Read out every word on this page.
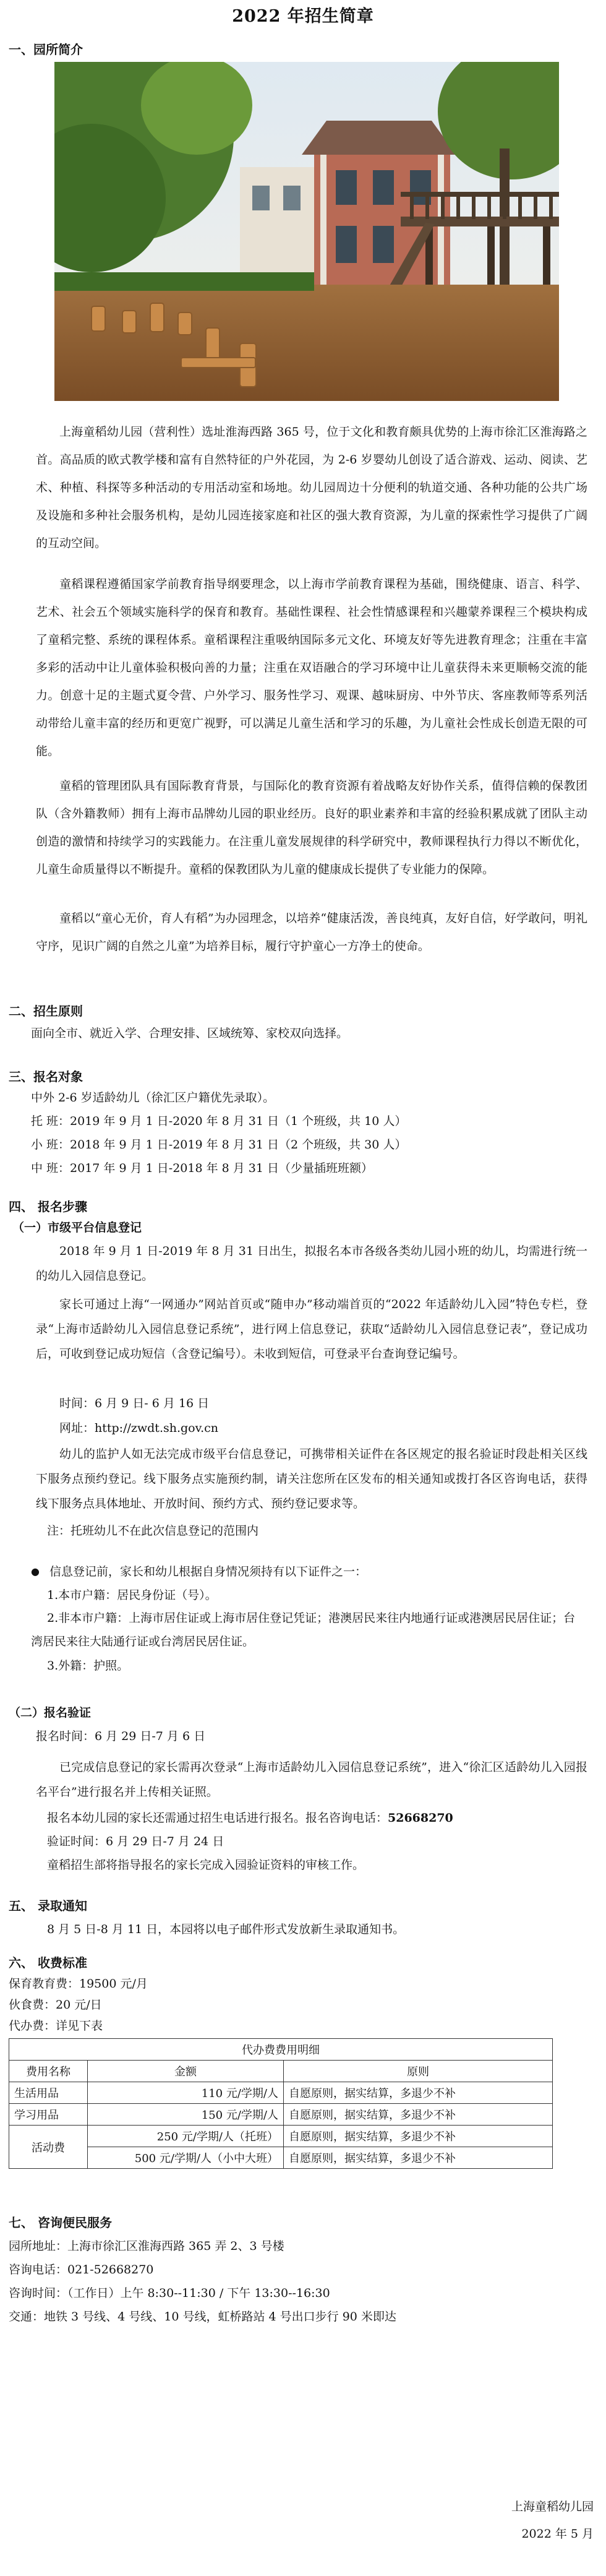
2022 年招生简章
一、园所简介
上海童稻幼儿园（营利性）选址淮海西路 365 号，位于文化和教育颇具优势的上海市徐汇区淮海路之首。高品质的欧式教学楼和富有自然特征的户外花园，为 2-6 岁婴幼儿创设了适合游戏、运动、阅读、艺术、种植、科探等多种活动的专用活动室和场地。幼儿园周边十分便利的轨道交通、各种功能的公共广场及设施和多种社会服务机构，是幼儿园连接家庭和社区的强大教育资源，为儿童的探索性学习提供了广阔的互动空间。
童稻课程遵循国家学前教育指导纲要理念，以上海市学前教育课程为基础，围绕健康、语言、科学、艺术、社会五个领域实施科学的保育和教育。基础性课程、社会性情感课程和兴趣蒙养课程三个模块构成了童稻完整、系统的课程体系。童稻课程注重吸纳国际多元文化、环境友好等先进教育理念；注重在丰富多彩的活动中让儿童体验积极向善的力量；注重在双语融合的学习环境中让儿童获得未来更顺畅交流的能力。创意十足的主题式夏令营、户外学习、服务性学习、观课、越味厨房、中外节庆、客座教师等系列活动带给儿童丰富的经历和更宽广视野，可以满足儿童生活和学习的乐趣，为儿童社会性成长创造无限的可能。
童稻的管理团队具有国际教育背景，与国际化的教育资源有着战略友好协作关系，值得信赖的保教团队（含外籍教师）拥有上海市品牌幼儿园的职业经历。良好的职业素养和丰富的经验积累成就了团队主动创造的激情和持续学习的实践能力。在注重儿童发展规律的科学研究中，教师课程执行力得以不断优化，儿童生命质量得以不断提升。童稻的保教团队为儿童的健康成长提供了专业能力的保障。
童稻以“童心无价，育人有稻”为办园理念，以培养“健康活泼，善良纯真，友好自信，好学敢问，明礼守序，见识广阔的自然之儿童”为培养目标，履行守护童心一方净土的使命。
二、招生原则
面向全市、就近入学、合理安排、区域统筹、家校双向选择。
三、报名对象
中外 2-6 岁适龄幼儿（徐汇区户籍优先录取）。
托 班：2019 年 9 月 1 日-2020 年 8 月 31 日（1 个班级，共 10 人）
小 班：2018 年 9 月 1 日-2019 年 8 月 31 日（2 个班级，共 30 人）
中 班：2017 年 9 月 1 日-2018 年 8 月 31 日（少量插班班额）
四、 报名步骤
（一）市级平台信息登记
2018 年 9 月 1 日-2019 年 8 月 31 日出生，拟报名本市各级各类幼儿园小班的幼儿，均需进行统一的幼儿入园信息登记。
家长可通过上海“一网通办”网站首页或“随申办”移动端首页的“2022 年适龄幼儿入园”特色专栏，登录“上海市适龄幼儿入园信息登记系统”，进行网上信息登记，获取“适龄幼儿入园信息登记表”，登记成功后，可收到登记成功短信（含登记编号）。未收到短信，可登录平台查询登记编号。
时间：6 月 9 日- 6 月 16 日
网址：http://zwdt.sh.gov.cn
幼儿的监护人如无法完成市级平台信息登记，可携带相关证件在各区规定的报名验证时段赴相关区线下服务点预约登记。线下服务点实施预约制，请关注您所在区发布的相关通知或拨打各区咨询电话，获得线下服务点具体地址、开放时间、预约方式、预约登记要求等。
注：托班幼儿不在此次信息登记的范围内
● 信息登记前，家长和幼儿根据自身情况须持有以下证件之一：
1.本市户籍：居民身份证（号）。
2.非本市户籍：上海市居住证或上海市居住登记凭证；港澳居民来往内地通行证或港澳居民居住证；台湾居民来往大陆通行证或台湾居民居住证。
3.外籍：护照。
（二）报名验证
报名时间：6 月 29 日-7 月 6 日
已完成信息登记的家长需再次登录“上海市适龄幼儿入园信息登记系统”，进入“徐汇区适龄幼儿入园报名平台”进行报名并上传相关证照。
报名本幼儿园的家长还需通过招生电话进行报名。报名咨询电话：52668270
验证时间：6 月 29 日-7 月 24 日
童稻招生部将指导报名的家长完成入园验证资料的审核工作。
五、 录取通知
8 月 5 日-8 月 11 日，本园将以电子邮件形式发放新生录取通知书。
六、 收费标准
保育教育费：19500 元/月
伙食费：20 元/日
代办费：详见下表
代办费费用明细		
费用名称	金额	原则
生活用品	110 元/学期/人	自愿原则，据实结算，多退少不补
学习用品	150 元/学期/人	自愿原则，据实结算，多退少不补
活动费	250 元/学期/人（托班）	自愿原则，据实结算，多退少不补
	500 元/学期/人（小中大班）	自愿原则，据实结算，多退少不补
七、 咨询便民服务
园所地址：上海市徐汇区淮海西路 365 弄 2、3 号楼
咨询电话：021-52668270
咨询时间：（工作日）上午 8:30--11:30 / 下午 13:30--16:30
交通：地铁 3 号线、4 号线、10 号线，虹桥路站 4 号出口步行 90 米即达
上海童稻幼儿园
2022 年 5 月
